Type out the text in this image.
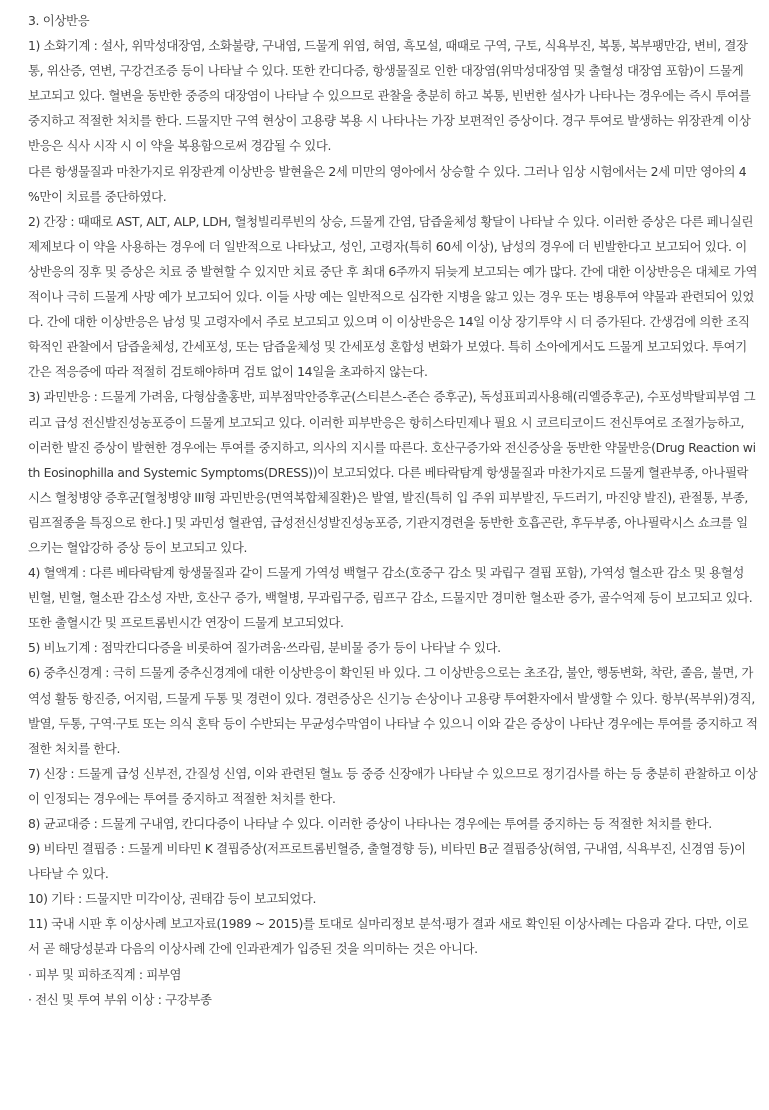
3. 이상반응

1) 소화기계 : 설사, 위막성대장염, 소화불량, 구내염, 드물게 위염, 혀염, 흑모설, 때때로 구역, 구토, 식욕부진, 복통, 복부팽만감, 변비, 결장통, 위산증, 연변, 구강건조증 등이 나타날 수 있다. 또한 칸디다증, 항생물질로 인한 대장염(위막성대장염 및 출혈성 대장염 포함)이 드물게 보고되고 있다. 혈변을 동반한 중증의 대장염이 나타날 수 있으므로 관찰을 충분히 하고 복통, 빈번한 설사가 나타나는 경우에는 즉시 투여를 중지하고 적절한 처치를 한다. 드물지만 구역 현상이 고용량 복용 시 나타나는 가장 보편적인 증상이다. 경구 투여로 발생하는 위장관계 이상반응은 식사 시작 시 이 약을 복용함으로써 경감될 수 있다.

다른 항생물질과 마찬가지로 위장관계 이상반응 발현율은 2세 미만의 영아에서 상승할 수 있다. 그러나 임상 시험에서는 2세 미만 영아의 4 %만이 치료를 중단하였다.

2) 간장 : 때때로 AST, ALT, ALP, LDH, 혈청빌리루빈의 상승, 드물게 간염, 담즙울체성 황달이 나타날 수 있다. 이러한 증상은 다른 페니실린 제제보다 이 약을 사용하는 경우에 더 일반적으로 나타났고, 성인, 고령자(특히 60세 이상), 남성의 경우에 더 빈발한다고 보고되어 있다. 이상반응의 징후 및 증상은 치료 중 발현할 수 있지만 치료 중단 후 최대 6주까지 뒤늦게 보고되는 예가 많다. 간에 대한 이상반응은 대체로 가역적이나 극히 드물게 사망 예가 보고되어 있다. 이들 사망 예는 일반적으로 심각한 지병을 앓고 있는 경우 또는 병용투여 약물과 관련되어 있었다. 간에 대한 이상반응은 남성 및 고령자에서 주로 보고되고 있으며 이 이상반응은 14일 이상 장기투약 시 더 증가된다. 간생검에 의한 조직학적인 관찰에서 담즙울체성, 간세포성, 또는 담즙울체성 및 간세포성 혼합성 변화가 보였다. 특히 소아에게서도 드물게 보고되었다. 투여기간은 적응증에 따라 적절히 검토해야하며 검토 없이 14일을 초과하지 않는다.

3) 과민반응 : 드물게 가려움, 다형삼출홍반, 피부점막안증후군(스티븐스-존슨 증후군), 독성표피괴사용해(리엘증후군), 수포성박탈피부염 그리고 급성 전신발진성농포증이 드물게 보고되고 있다. 이러한 피부반응은 항히스타민제나 필요 시 코르티코이드 전신투여로 조절가능하고, 이러한 발진 증상이 발현한 경우에는 투여를 중지하고, 의사의 지시를 따른다. 호산구증가와 전신증상을 동반한 약물반응(Drug Reaction with Eosinophilla and Systemic Symptoms(DRESS))이 보고되었다. 다른 베타락탐계 항생물질과 마찬가지로 드물게 혈관부종, 아나필락시스 혈청병양 증후군[혈청병양 III형 과민반응(면역복합체질환)은 발열, 발진(특히 입 주위 피부발진, 두드러기, 마진양 발진), 관절통, 부종, 림프절종을 특징으로 한다.] 및 과민성 혈관염, 급성전신성발진성농포증, 기관지경련을 동반한 호흡곤란, 후두부종, 아나필락시스 쇼크를 일으키는 혈압강하 증상 등이 보고되고 있다.

4) 혈액계 : 다른 베타락탐계 항생물질과 같이 드물게 가역성 백혈구 감소(호중구 감소 및 과립구 결핍 포함), 가역성 혈소판 감소 및 용혈성 빈혈, 빈혈, 혈소판 감소성 자반, 호산구 증가, 백혈병, 무과립구증, 림프구 감소, 드물지만 경미한 혈소판 증가, 골수억제 등이 보고되고 있다. 또한 출혈시간 및 프로트롬빈시간 연장이 드물게 보고되었다.

5) 비뇨기계 : 점막칸디다증을 비롯하여 질가려움·쓰라림, 분비물 증가 등이 나타날 수 있다.

6) 중추신경계 : 극히 드물게 중추신경계에 대한 이상반응이 확인된 바 있다. 그 이상반응으로는 초조감, 불안, 행동변화, 착란, 졸음, 불면, 가역성 활동 항진증, 어지럼, 드물게 두통 및 경련이 있다. 경련증상은 신기능 손상이나 고용량 투여환자에서 발생할 수 있다. 항부(목부위)경직, 발열, 두통, 구역·구토 또는 의식 혼탁 등이 수반되는 무균성수막염이 나타날 수 있으니 이와 같은 증상이 나타난 경우에는 투여를 중지하고 적절한 처치를 한다.

7) 신장 : 드물게 급성 신부전, 간질성 신염, 이와 관련된 혈뇨 등 중증 신장애가 나타날 수 있으므로 정기검사를 하는 등 충분히 관찰하고 이상이 인정되는 경우에는 투여를 중지하고 적절한 처치를 한다.

8) 균교대증 : 드물게 구내염, 칸디다증이 나타날 수 있다. 이러한 증상이 나타나는 경우에는 투여를 중지하는 등 적절한 처치를 한다.

9) 비타민 결핍증 : 드물게 비타민 K 결핍증상(저프로트롬빈혈증, 출혈경향 등), 비타민 B군 결핍증상(혀염, 구내염, 식욕부진, 신경염 등)이 나타날 수 있다.

10) 기타 : 드물지만 미각이상, 권태감 등이 보고되었다.

11) 국내 시판 후 이상사례 보고자료(1989 ~ 2015)를 토대로 실마리정보 분석·평가 결과 새로 확인된 이상사례는 다음과 같다. 다만, 이로서 곧 해당성분과 다음의 이상사례 간에 인과관계가 입증된 것을 의미하는 것은 아니다.

· 피부 및 피하조직계 : 피부염

· 전신 및 투여 부위 이상 : 구강부종
